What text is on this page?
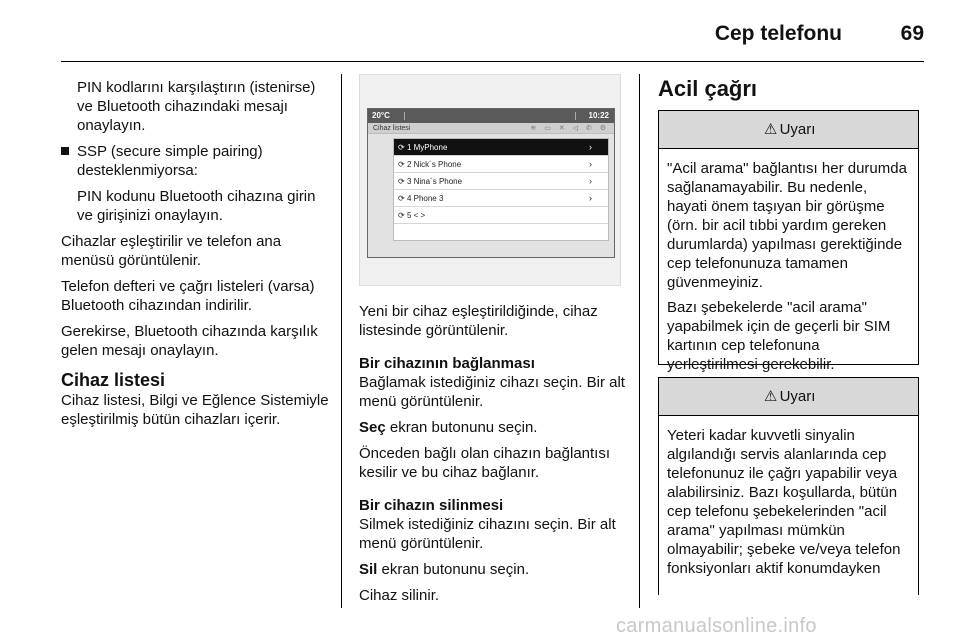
Cep telefonu	69

PIN kodlarını karşılaştırın (istenirse) ve Bluetooth cihazındaki mesajı onaylayın.

SSP (secure simple pairing) desteklenmiyorsa:

PIN kodunu Bluetooth cihazına girin ve girişinizi onaylayın.

Cihazlar eşleştirilir ve telefon ana menüsü görüntülenir.

Telefon defteri ve çağrı listeleri (varsa) Bluetooth cihazından indirilir.

Gerekirse, Bluetooth cihazında karşılık gelen mesajı onaylayın.

Cihaz listesi

Cihaz listesi, Bilgi ve Eğlence Sistemiyle eşleştirilmiş bütün cihazları içerir.

20°C	10:22
Cihaz listesi	≋ ▭ ✕ ◁ ✆ ⚙
⟳ 1 MyPhone	›
⟳ 2 Nick´s Phone	›
⟳ 3 Nina´s Phone	›
⟳ 4 Phone 3	›
⟳ 5 < >

Yeni bir cihaz eşleştirildiğinde, cihaz listesinde görüntülenir.

Bir cihazının bağlanması

Bağlamak istediğiniz cihazı seçin. Bir alt menü görüntülenir.

Seç ekran butonunu seçin.

Önceden bağlı olan cihazın bağlantısı kesilir ve bu cihaz bağlanır.

Bir cihazın silinmesi

Silmek istediğiniz cihazını seçin. Bir alt menü görüntülenir.

Sil ekran butonunu seçin.

Cihaz silinir.

Acil çağrı
⚠ Uyarı

"Acil arama" bağlantısı her durumda sağlanamayabilir. Bu nedenle, hayati önem taşıyan bir görüşme (örn. bir acil tıbbi yardım gereken durumlarda) yapılması gerektiğinde cep telefonunuza tamamen güvenmeyiniz.

Bazı şebekelerde "acil arama" yapabilmek için de geçerli bir SIM kartının cep telefonuna yerleştirilmesi gerekebilir.

⚠ Uyarı

Yeteri kadar kuvvetli sinyalin algılandığı servis alanlarında cep telefonunuz ile çağrı yapabilir veya alabilirsiniz. Bazı koşullarda, bütün cep telefonu şebekelerinden "acil arama" yapılması mümkün olmayabilir; şebeke ve/veya telefon fonksiyonları aktif konumdayken

carmanualsonline.info
